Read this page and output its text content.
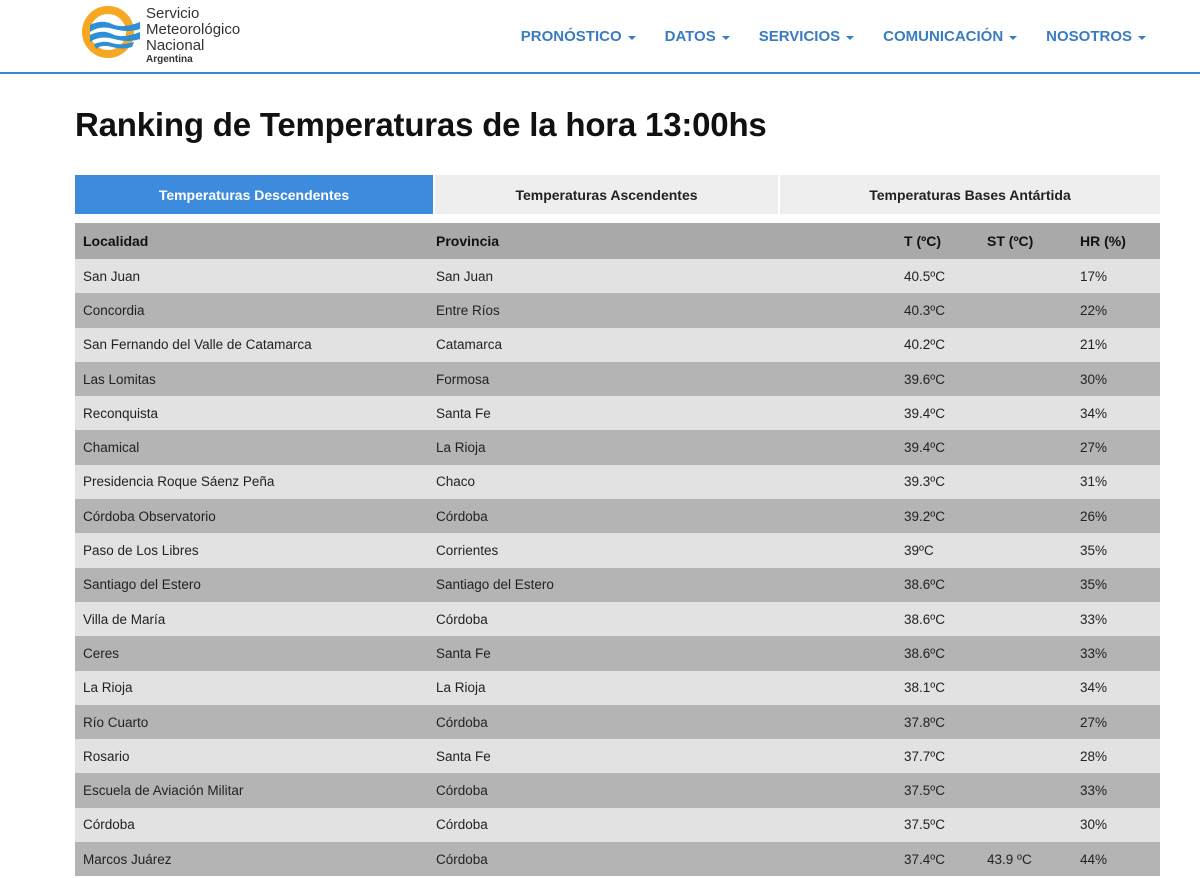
Servicio
Meteorológico
Nacional
Argentina
PRONÓSTICO	DATOS	SERVICIOS	COMUNICACIÓN	NOSOTROS
Ranking de Temperaturas de la hora 13:00hs
Temperaturas Descendentes	Temperaturas Ascendentes	Temperaturas Bases Antártida
Localidad	Provincia	T (ºC)	ST (ºC)	HR (%)
San Juan	San Juan	40.5ºC		17%
Concordia	Entre Ríos	40.3ºC		22%
San Fernando del Valle de Catamarca	Catamarca	40.2ºC		21%
Las Lomitas	Formosa	39.6ºC		30%
Reconquista	Santa Fe	39.4ºC		34%
Chamical	La Rioja	39.4ºC		27%
Presidencia Roque Sáenz Peña	Chaco	39.3ºC		31%
Córdoba Observatorio	Córdoba	39.2ºC		26%
Paso de Los Libres	Corrientes	39ºC		35%
Santiago del Estero	Santiago del Estero	38.6ºC		35%
Villa de María	Córdoba	38.6ºC		33%
Ceres	Santa Fe	38.6ºC		33%
La Rioja	La Rioja	38.1ºC		34%
Río Cuarto	Córdoba	37.8ºC		27%
Rosario	Santa Fe	37.7ºC		28%
Escuela de Aviación Militar	Córdoba	37.5ºC		33%
Córdoba	Córdoba	37.5ºC		30%
Marcos Juárez	Córdoba	37.4ºC	43.9 ºC	44%
